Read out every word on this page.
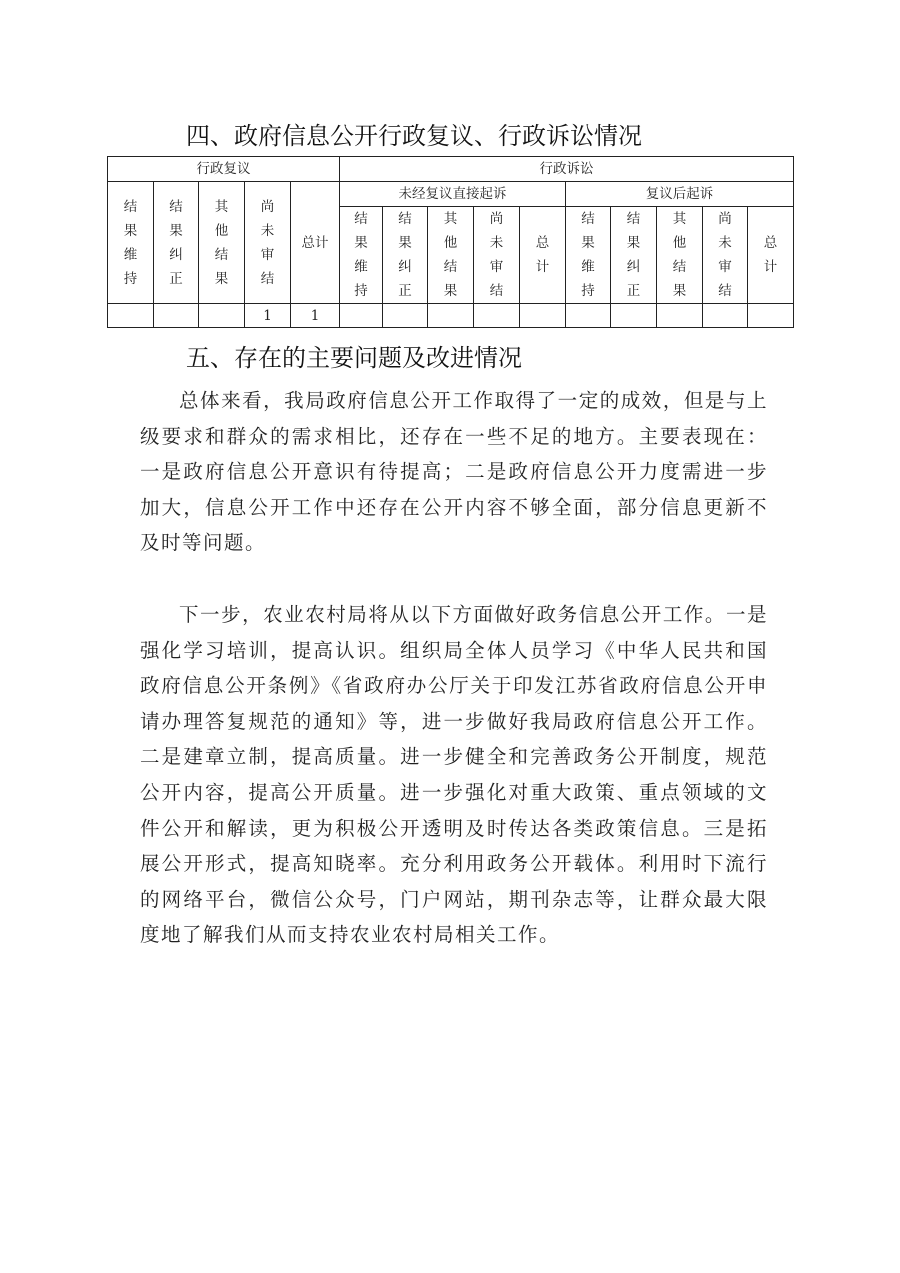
四、政府信息公开行政复议、行政诉讼情况
行政复议					行政诉讼									
结果维持	结果纠正	其他结果	尚未审结	总计	未经复议直接起诉					复议后起诉				
					结果维持	结果纠正	其他结果	尚未审结	总计	结果维持	结果纠正	其他结果	尚未审结	总计
			1	1										
五、存在的主要问题及改进情况

总体来看，我局政府信息公开工作取得了一定的成效，但是与上级要求和群众的需求相比，还存在一些不足的地方。主要表现在：一是政府信息公开意识有待提高；二是政府信息公开力度需进一步加大，信息公开工作中还存在公开内容不够全面，部分信息更新不及时等问题。

下一步，农业农村局将从以下方面做好政务信息公开工作。一是强化学习培训，提高认识。组织局全体人员学习《中华人民共和国政府信息公开条例》《省政府办公厅关于印发江苏省政府信息公开申请办理答复规范的通知》等，进一步做好我局政府信息公开工作。二是建章立制，提高质量。进一步健全和完善政务公开制度，规范公开内容，提高公开质量。进一步强化对重大政策、重点领域的文件公开和解读，更为积极公开透明及时传达各类政策信息。三是拓展公开形式，提高知晓率。充分利用政务公开载体。利用时下流行的网络平台，微信公众号，门户网站，期刊杂志等，让群众最大限度地了解我们从而支持农业农村局相关工作。
